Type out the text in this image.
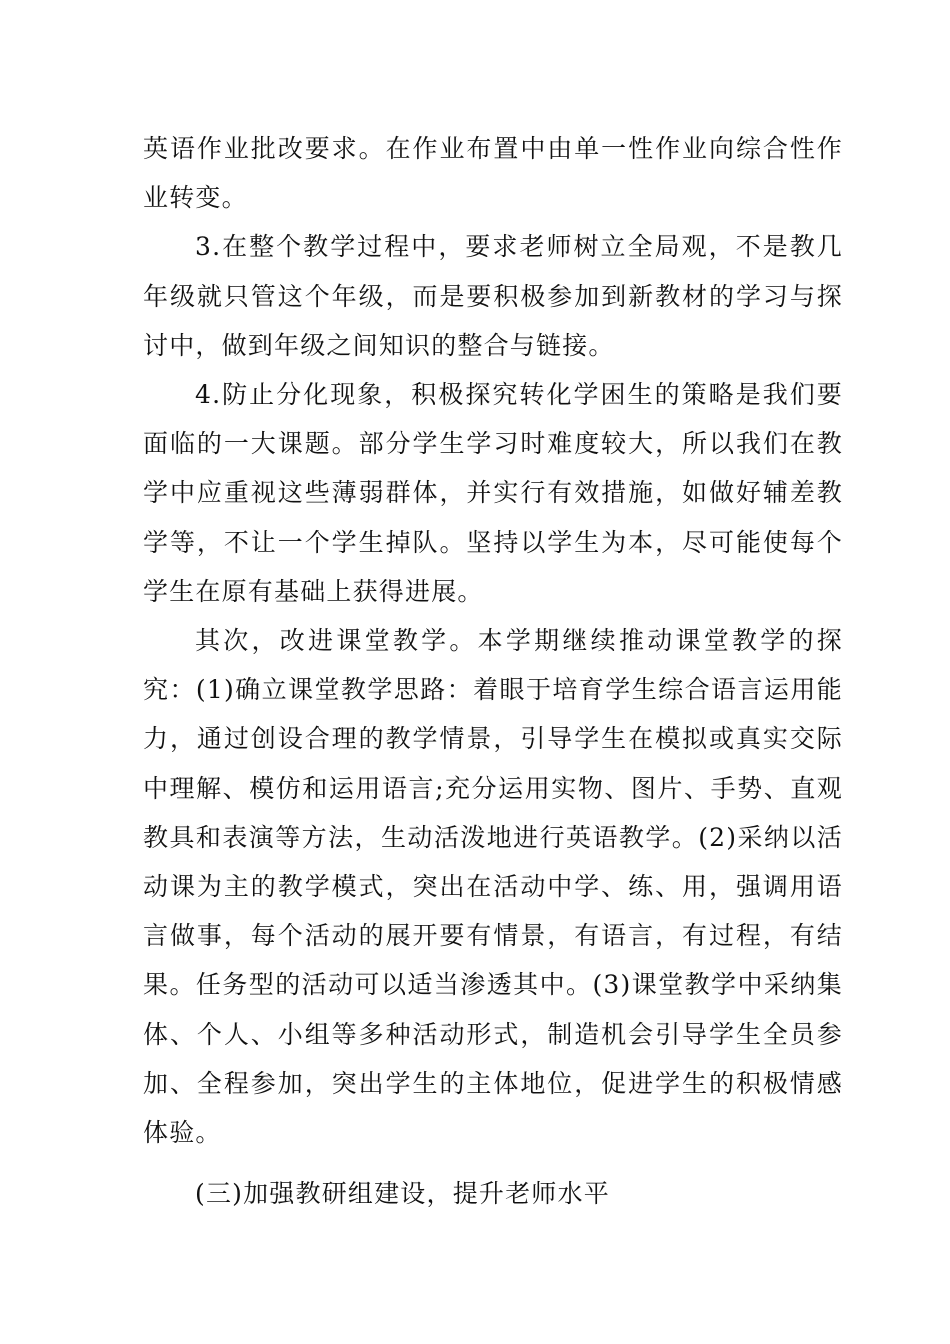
英语作业批改要求。在作业布置中由单一性作业向综合性作业转变。

3.在整个教学过程中，要求老师树立全局观，不是教几年级就只管这个年级，而是要积极参加到新教材的学习与探讨中，做到年级之间知识的整合与链接。

4.防止分化现象，积极探究转化学困生的策略是我们要面临的一大课题。部分学生学习时难度较大，所以我们在教学中应重视这些薄弱群体，并实行有效措施，如做好辅差教学等，不让一个学生掉队。坚持以学生为本，尽可能使每个学生在原有基础上获得进展。

其次，改进课堂教学。本学期继续推动课堂教学的探究：(1)确立课堂教学思路：着眼于培育学生综合语言运用能力，通过创设合理的教学情景，引导学生在模拟或真实交际中理解、模仿和运用语言;充分运用实物、图片、手势、直观教具和表演等方法，生动活泼地进行英语教学。(2)采纳以活动课为主的教学模式，突出在活动中学、练、用，强调用语言做事，每个活动的展开要有情景，有语言，有过程，有结果。任务型的活动可以适当渗透其中。(3)课堂教学中采纳集体、个人、小组等多种活动形式，制造机会引导学生全员参加、全程参加，突出学生的主体地位，促进学生的积极情感体验。

(三)加强教研组建设，提升老师水平
